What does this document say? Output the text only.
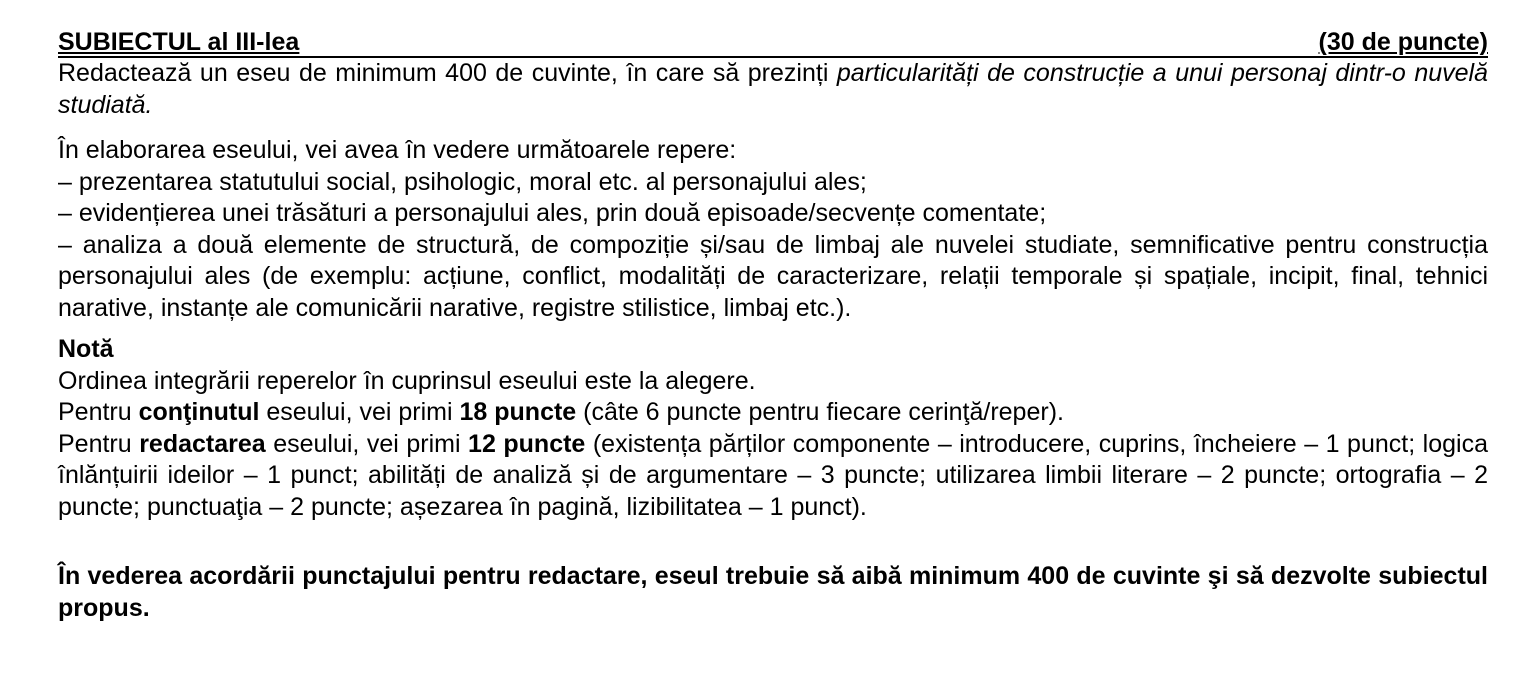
SUBIECTUL al III-lea	(30 de puncte)

Redactează un eseu de minimum 400 de cuvinte, în care să prezinți particularități de construcție a unui personaj dintr-o nuvelă studiată.

În elaborarea eseului, vei avea în vedere următoarele repere:

– prezentarea statutului social, psihologic, moral etc. al personajului ales;

– evidențierea unei trăsături a personajului ales, prin două episoade/secvențe comentate;

– analiza a două elemente de structură, de compoziție și/sau de limbaj ale nuvelei studiate, semnificative pentru construcția personajului ales (de exemplu: acțiune, conflict, modalități de caracterizare, relații temporale și spațiale, incipit, final, tehnici narative, instanțe ale comunicării narative, registre stilistice, limbaj etc.).

Notă

Ordinea integrării reperelor în cuprinsul eseului este la alegere.

Pentru conţinutul eseului, vei primi 18 puncte (câte 6 puncte pentru fiecare cerinţă/reper).

Pentru redactarea eseului, vei primi 12 puncte (existența părților componente – introducere, cuprins, încheiere – 1 punct; logica înlănțuirii ideilor – 1 punct; abilități de analiză și de argumentare – 3 puncte; utilizarea limbii literare – 2 puncte; ortografia – 2 puncte; punctuaţia – 2 puncte; așezarea în pagină, lizibilitatea – 1 punct).

În vederea acordării punctajului pentru redactare, eseul trebuie să aibă minimum 400 de cuvinte şi să dezvolte subiectul propus.
